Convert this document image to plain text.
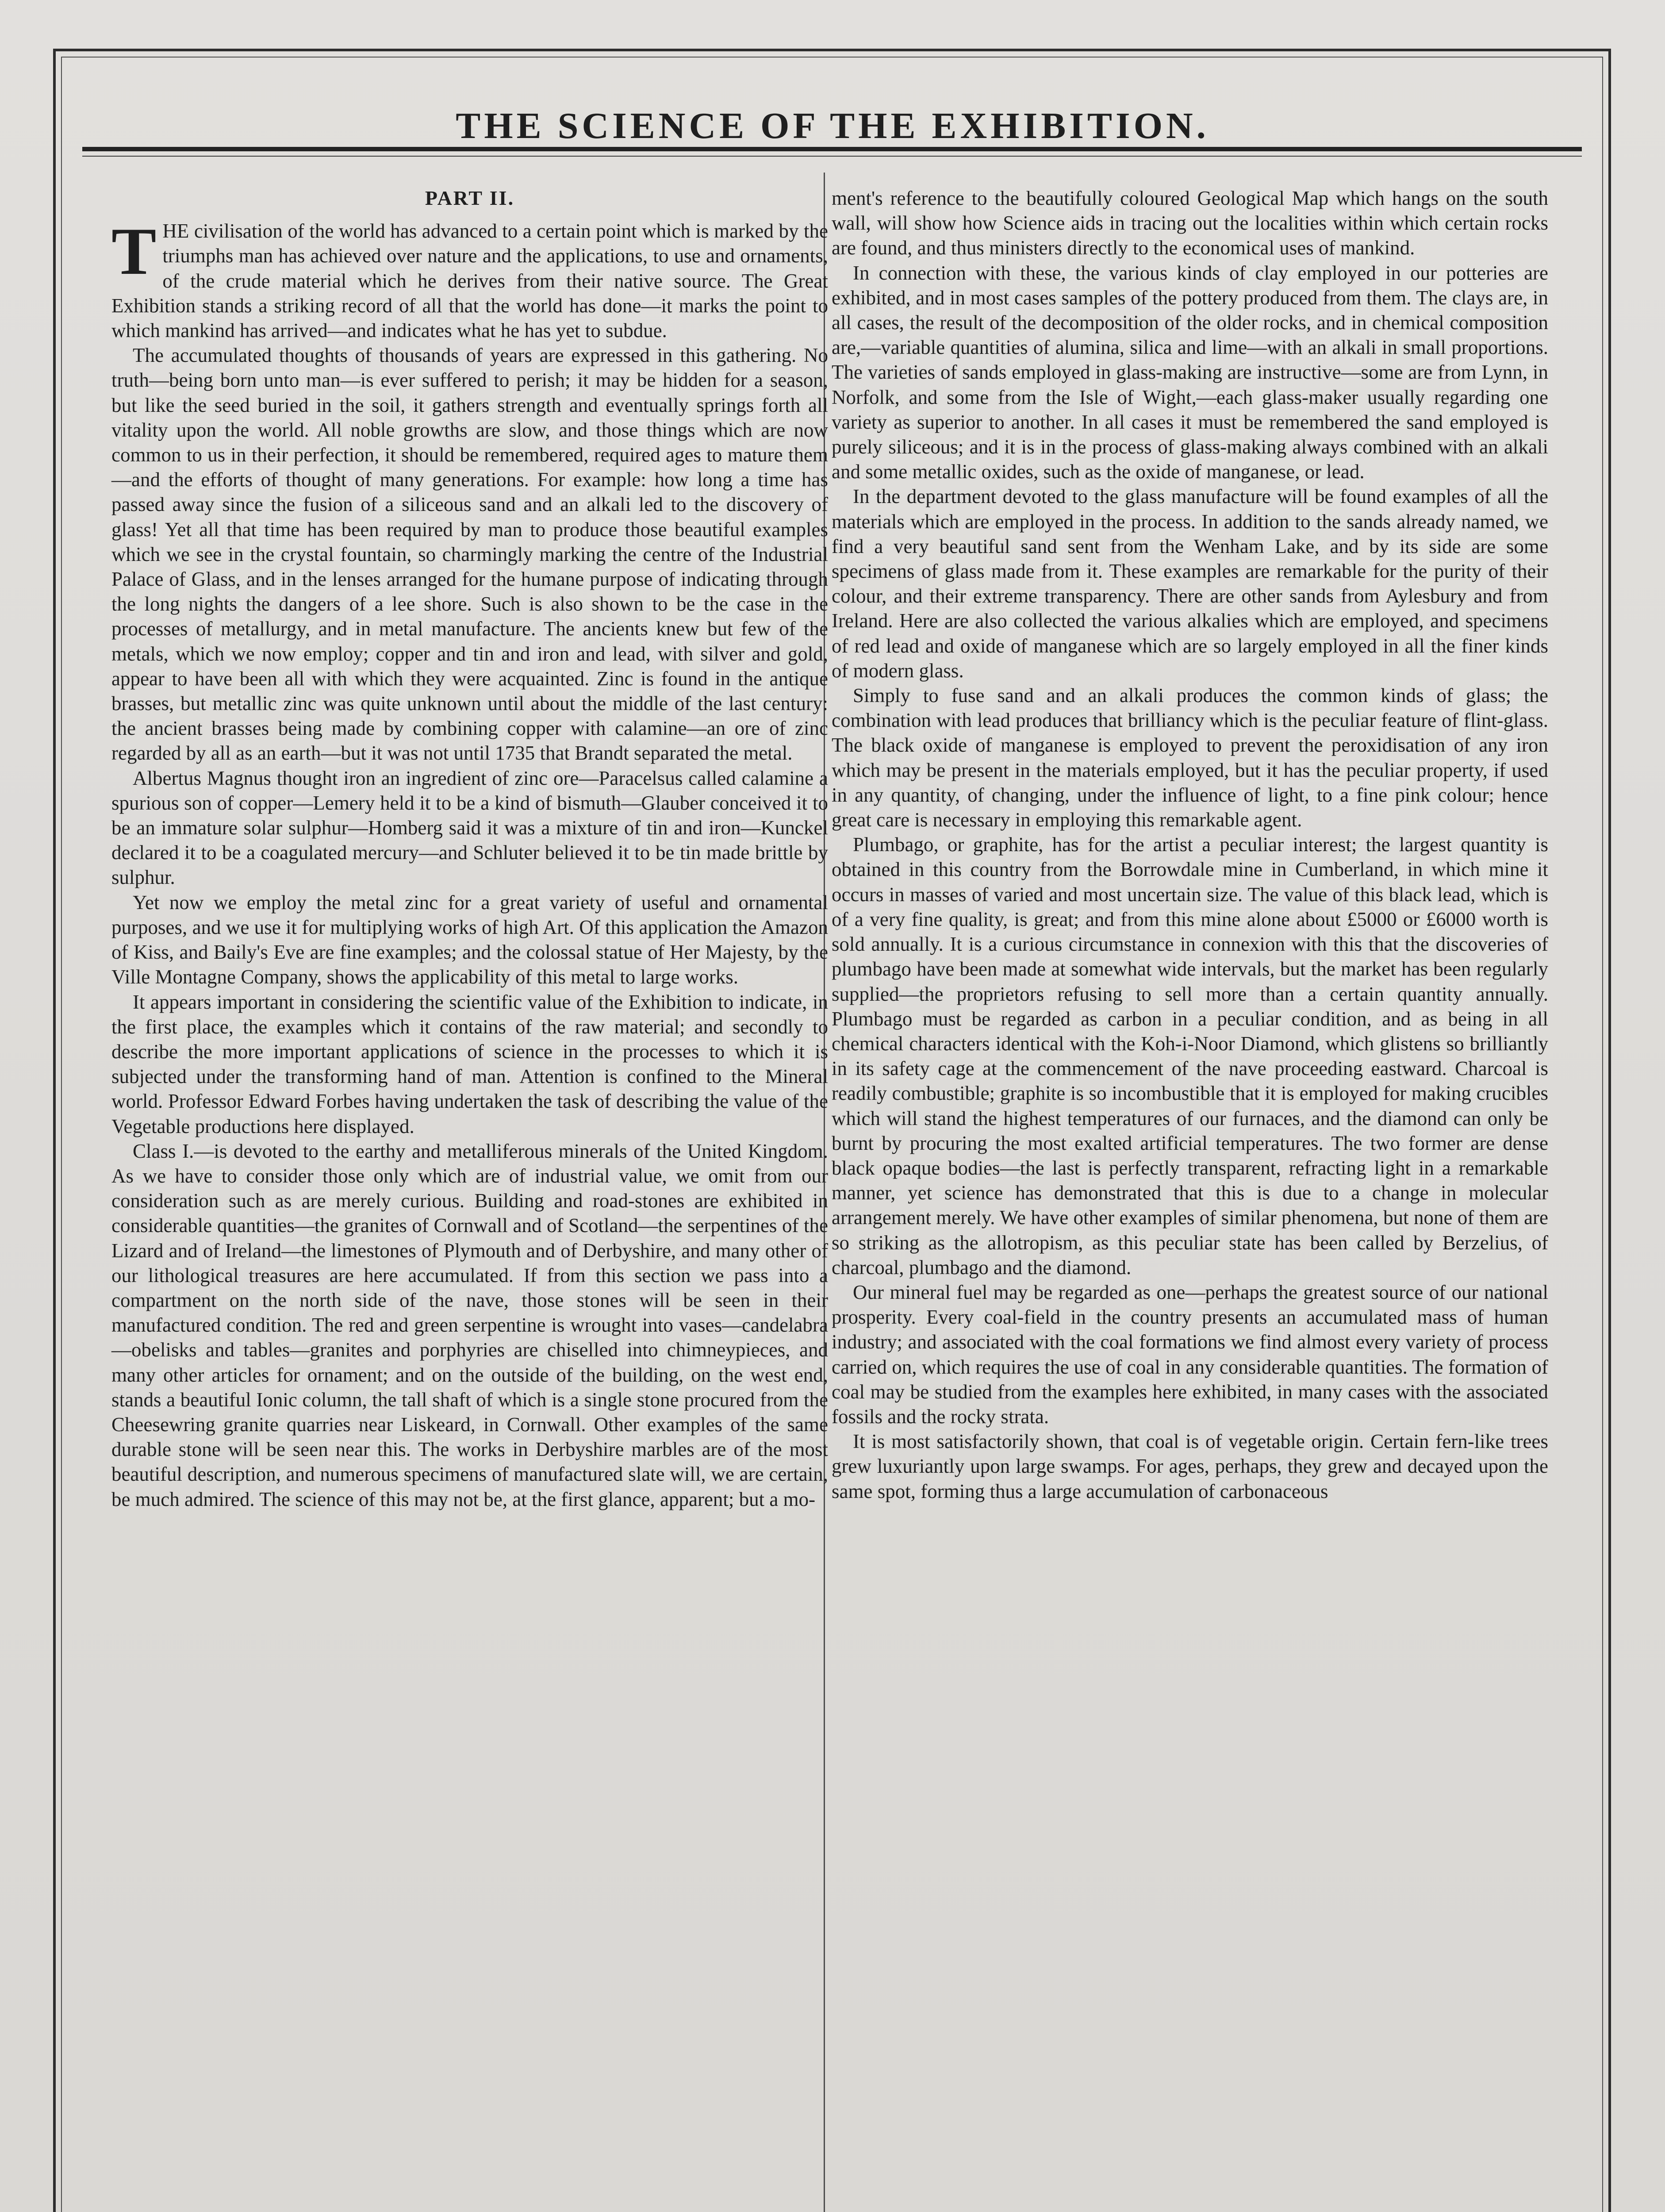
THE SCIENCE OF THE EXHIBITION.
PART II.

THE civilisation of the world has advanced to a certain point which is marked by the triumphs man has achieved over nature and the applications, to use and ornaments, of the crude material which he derives from their native source. The Great Exhibition stands a striking record of all that the world has done—it marks the point to which mankind has arrived—and indicates what he has yet to subdue.

The accumulated thoughts of thousands of years are expressed in this gathering. No truth—being born unto man—is ever suffered to perish; it may be hidden for a season, but like the seed buried in the soil, it gathers strength and eventually springs forth all vitality upon the world. All noble growths are slow, and those things which are now common to us in their perfection, it should be remembered, required ages to mature them—and the efforts of thought of many generations. For example: how long a time has passed away since the fusion of a siliceous sand and an alkali led to the discovery of glass! Yet all that time has been required by man to produce those beautiful examples which we see in the crystal fountain, so charmingly marking the centre of the Industrial Palace of Glass, and in the lenses arranged for the humane purpose of indicating through the long nights the dangers of a lee shore. Such is also shown to be the case in the processes of metallurgy, and in metal manufacture. The ancients knew but few of the metals, which we now employ; copper and tin and iron and lead, with silver and gold, appear to have been all with which they were acquainted. Zinc is found in the antique brasses, but metallic zinc was quite unknown until about the middle of the last century: the ancient brasses being made by combining copper with calamine—an ore of zinc regarded by all as an earth—but it was not until 1735 that Brandt separated the metal.

Albertus Magnus thought iron an ingredient of zinc ore—Paracelsus called calamine a spurious son of copper—Lemery held it to be a kind of bismuth—Glauber conceived it to be an immature solar sulphur—Homberg said it was a mixture of tin and iron—Kunckel declared it to be a coagulated mercury—and Schluter believed it to be tin made brittle by sulphur.

Yet now we employ the metal zinc for a great variety of useful and ornamental purposes, and we use it for multiplying works of high Art. Of this application the Amazon of Kiss, and Baily's Eve are fine examples; and the colossal statue of Her Majesty, by the Ville Montagne Company, shows the applicability of this metal to large works.

It appears important in considering the scientific value of the Exhibition to indicate, in the first place, the examples which it contains of the raw material; and secondly to describe the more important applications of science in the processes to which it is subjected under the transforming hand of man. Attention is confined to the Mineral world. Professor Edward Forbes having undertaken the task of describing the value of the Vegetable productions here displayed.

Class I.—is devoted to the earthy and metalliferous minerals of the United Kingdom. As we have to consider those only which are of industrial value, we omit from our consideration such as are merely curious. Building and road-stones are exhibited in considerable quantities—the granites of Cornwall and of Scotland—the serpentines of the Lizard and of Ireland—the limestones of Plymouth and of Derbyshire, and many other of our lithological treasures are here accumulated. If from this section we pass into a compartment on the north side of the nave, those stones will be seen in their manufactured condition. The red and green serpentine is wrought into vases—candelabra—obelisks and tables—granites and porphyries are chiselled into chimneypieces, and many other articles for ornament; and on the outside of the building, on the west end, stands a beautiful Ionic column, the tall shaft of which is a single stone procured from the Cheesewring granite quarries near Liskeard, in Cornwall. Other examples of the same durable stone will be seen near this. The works in Derbyshire marbles are of the most beautiful description, and numerous specimens of manufactured slate will, we are certain, be much admired. The science of this may not be, at the first glance, apparent; but a mo-

ment's reference to the beautifully coloured Geological Map which hangs on the south wall, will show how Science aids in tracing out the localities within which certain rocks are found, and thus ministers directly to the economical uses of mankind.

In connection with these, the various kinds of clay employed in our potteries are exhibited, and in most cases samples of the pottery produced from them. The clays are, in all cases, the result of the decomposition of the older rocks, and in chemical composition are,—variable quantities of alumina, silica and lime—with an alkali in small proportions. The varieties of sands employed in glass-making are instructive—some are from Lynn, in Norfolk, and some from the Isle of Wight,—each glass-maker usually regarding one variety as superior to another. In all cases it must be remembered the sand employed is purely siliceous; and it is in the process of glass-making always combined with an alkali and some metallic oxides, such as the oxide of manganese, or lead.

In the department devoted to the glass manufacture will be found examples of all the materials which are employed in the process. In addition to the sands already named, we find a very beautiful sand sent from the Wenham Lake, and by its side are some specimens of glass made from it. These examples are remarkable for the purity of their colour, and their extreme transparency. There are other sands from Aylesbury and from Ireland. Here are also collected the various alkalies which are employed, and specimens of red lead and oxide of manganese which are so largely employed in all the finer kinds of modern glass.

Simply to fuse sand and an alkali produces the common kinds of glass; the combination with lead produces that brilliancy which is the peculiar feature of flint-glass. The black oxide of manganese is employed to prevent the peroxidisation of any iron which may be present in the materials employed, but it has the peculiar property, if used in any quantity, of changing, under the influence of light, to a fine pink colour; hence great care is necessary in employing this remarkable agent.

Plumbago, or graphite, has for the artist a peculiar interest; the largest quantity is obtained in this country from the Borrowdale mine in Cumberland, in which mine it occurs in masses of varied and most uncertain size. The value of this black lead, which is of a very fine quality, is great; and from this mine alone about £5000 or £6000 worth is sold annually. It is a curious circumstance in connexion with this that the discoveries of plumbago have been made at somewhat wide intervals, but the market has been regularly supplied—the proprietors refusing to sell more than a certain quantity annually. Plumbago must be regarded as carbon in a peculiar condition, and as being in all chemical characters identical with the Koh-i-Noor Diamond, which glistens so brilliantly in its safety cage at the commencement of the nave proceeding eastward. Charcoal is readily combustible; graphite is so incombustible that it is employed for making crucibles which will stand the highest temperatures of our furnaces, and the diamond can only be burnt by procuring the most exalted artificial temperatures. The two former are dense black opaque bodies—the last is perfectly transparent, refracting light in a remarkable manner, yet science has demonstrated that this is due to a change in molecular arrangement merely. We have other examples of similar phenomena, but none of them are so striking as the allotropism, as this peculiar state has been called by Berzelius, of charcoal, plumbago and the diamond.

Our mineral fuel may be regarded as one—perhaps the greatest source of our national prosperity. Every coal-field in the country presents an accumulated mass of human industry; and associated with the coal formations we find almost every variety of process carried on, which requires the use of coal in any considerable quantities. The formation of coal may be studied from the examples here exhibited, in many cases with the associated fossils and the rocky strata.

It is most satisfactorily shown, that coal is of vegetable origin. Certain fern-like trees grew luxuriantly upon large swamps. For ages, perhaps, they grew and decayed upon the same spot, forming thus a large accumulation of carbonaceous
